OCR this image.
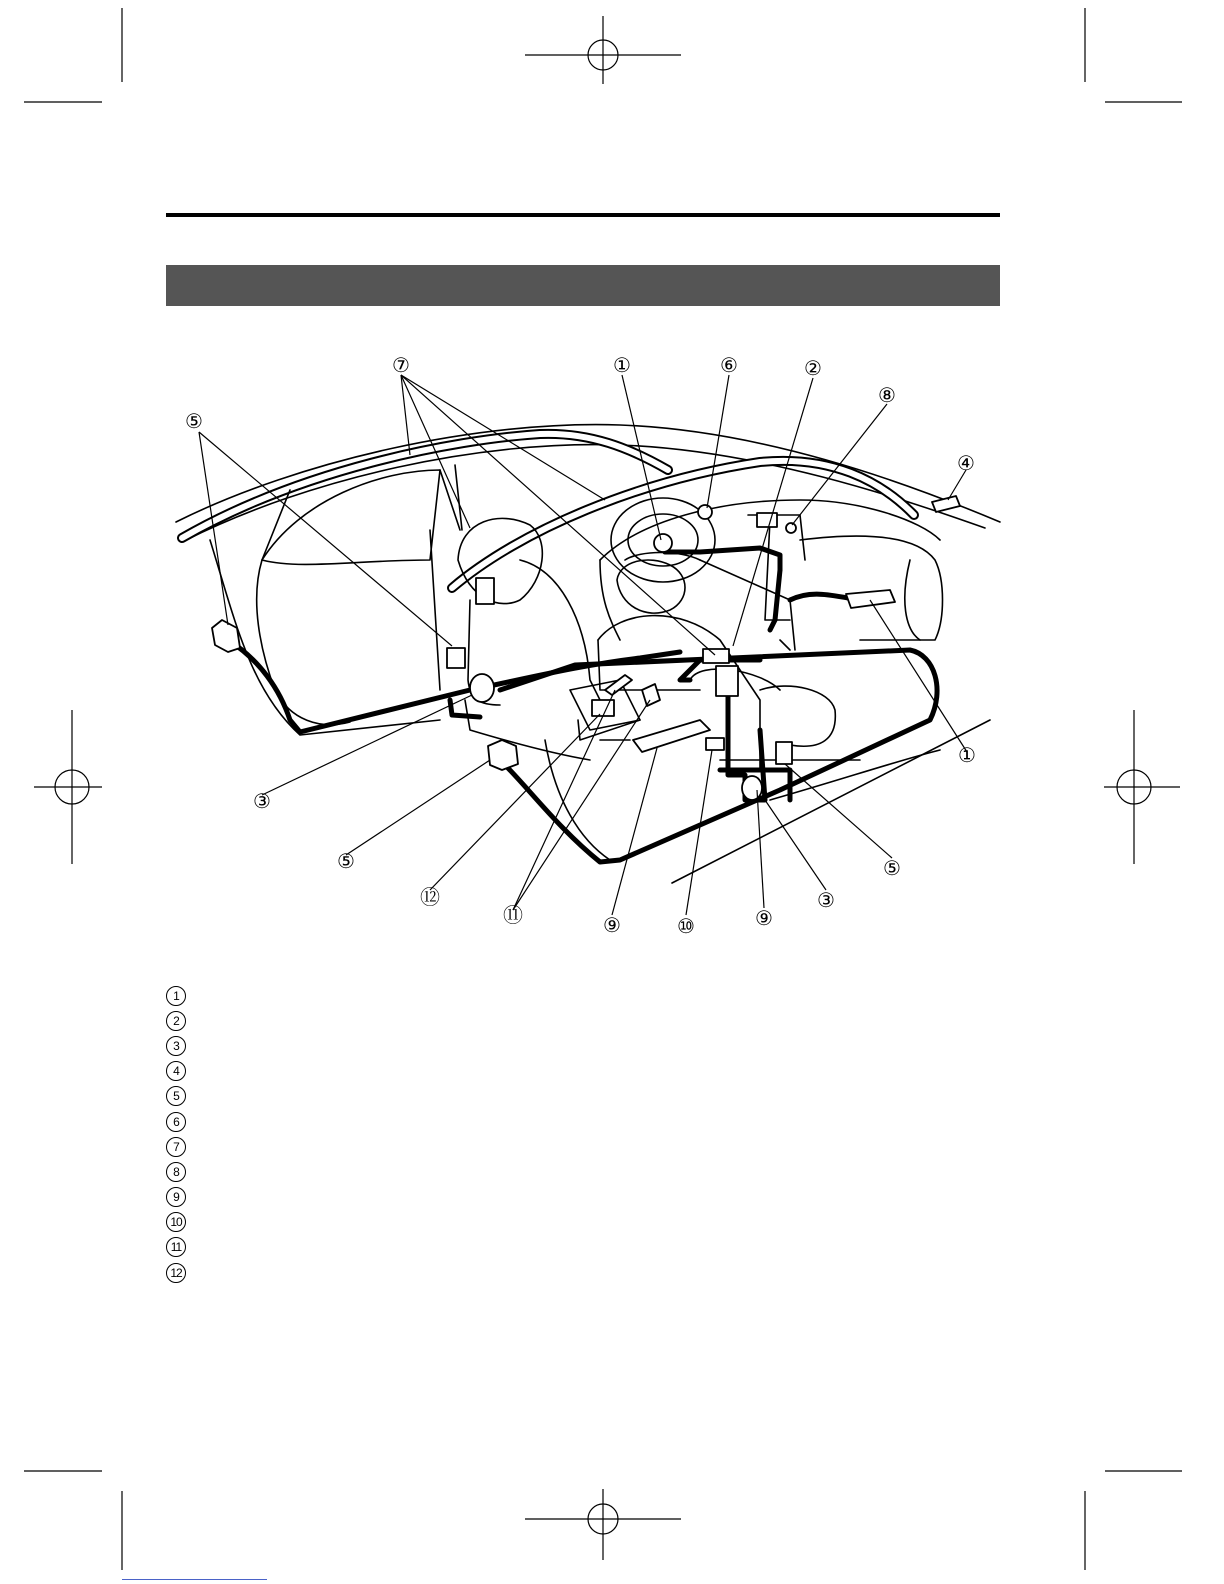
⑦	①	⑥	②
⑧
④
⑤
①
③
⑤
⑫
⑪	⑨	⑩	⑨
③
⑤
1
2
3
4
5
6
7
8
9
10
11
12
